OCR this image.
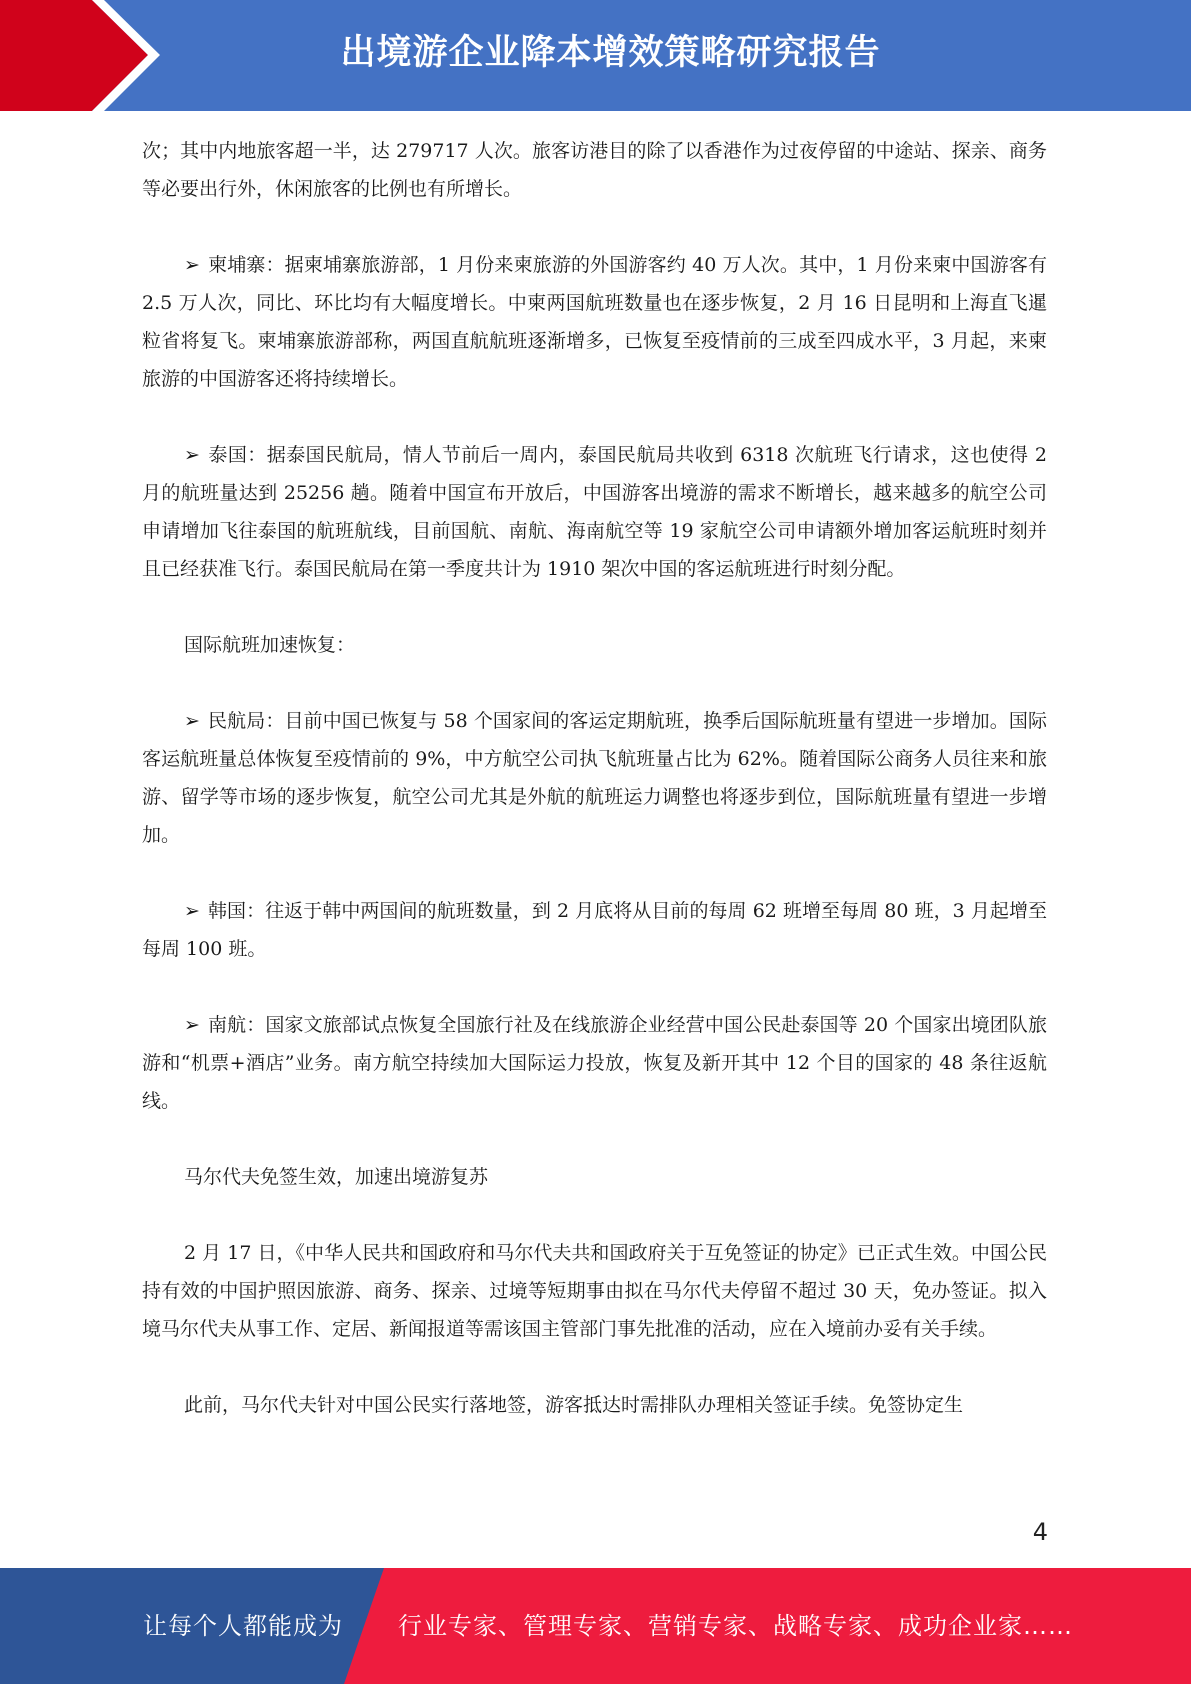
出境游企业降本增效策略研究报告

次；其中内地旅客超一半，达 279717 人次。旅客访港目的除了以香港作为过夜停留的中途站、探亲、商务等必要出行外，休闲旅客的比例也有所增长。

➢ 柬埔寨：据柬埔寨旅游部，1 月份来柬旅游的外国游客约 40 万人次。其中，1 月份来柬中国游客有 2.5 万人次，同比、环比均有大幅度增长。中柬两国航班数量也在逐步恢复，2 月 16 日昆明和上海直飞暹粒省将复飞。柬埔寨旅游部称，两国直航航班逐渐增多，已恢复至疫情前的三成至四成水平，3 月起，来柬旅游的中国游客还将持续增长。

➢ 泰国：据泰国民航局，情人节前后一周内，泰国民航局共收到 6318 次航班飞行请求，这也使得 2 月的航班量达到 25256 趟。随着中国宣布开放后，中国游客出境游的需求不断增长，越来越多的航空公司申请增加飞往泰国的航班航线，目前国航、南航、海南航空等 19 家航空公司申请额外增加客运航班时刻并且已经获准飞行。泰国民航局在第一季度共计为 1910 架次中国的客运航班进行时刻分配。

国际航班加速恢复：

➢ 民航局：目前中国已恢复与 58 个国家间的客运定期航班，换季后国际航班量有望进一步增加。国际客运航班量总体恢复至疫情前的 9%，中方航空公司执飞航班量占比为 62%。随着国际公商务人员往来和旅游、留学等市场的逐步恢复，航空公司尤其是外航的航班运力调整也将逐步到位，国际航班量有望进一步增加。

➢ 韩国：往返于韩中两国间的航班数量，到 2 月底将从目前的每周 62 班增至每周 80 班，3 月起增至每周 100 班。

➢ 南航：国家文旅部试点恢复全国旅行社及在线旅游企业经营中国公民赴泰国等 20 个国家出境团队旅游和“机票+酒店”业务。南方航空持续加大国际运力投放，恢复及新开其中 12 个目的国家的 48 条往返航线。

马尔代夫免签生效，加速出境游复苏

2 月 17 日，《中华人民共和国政府和马尔代夫共和国政府关于互免签证的协定》已正式生效。中国公民持有效的中国护照因旅游、商务、探亲、过境等短期事由拟在马尔代夫停留不超过 30 天，免办签证。拟入境马尔代夫从事工作、定居、新闻报道等需该国主管部门事先批准的活动，应在入境前办妥有关手续。

此前，马尔代夫针对中国公民实行落地签，游客抵达时需排队办理相关签证手续。免签协定生

4
让每个人都能成为 行业专家、管理专家、营销专家、战略专家、成功企业家……
